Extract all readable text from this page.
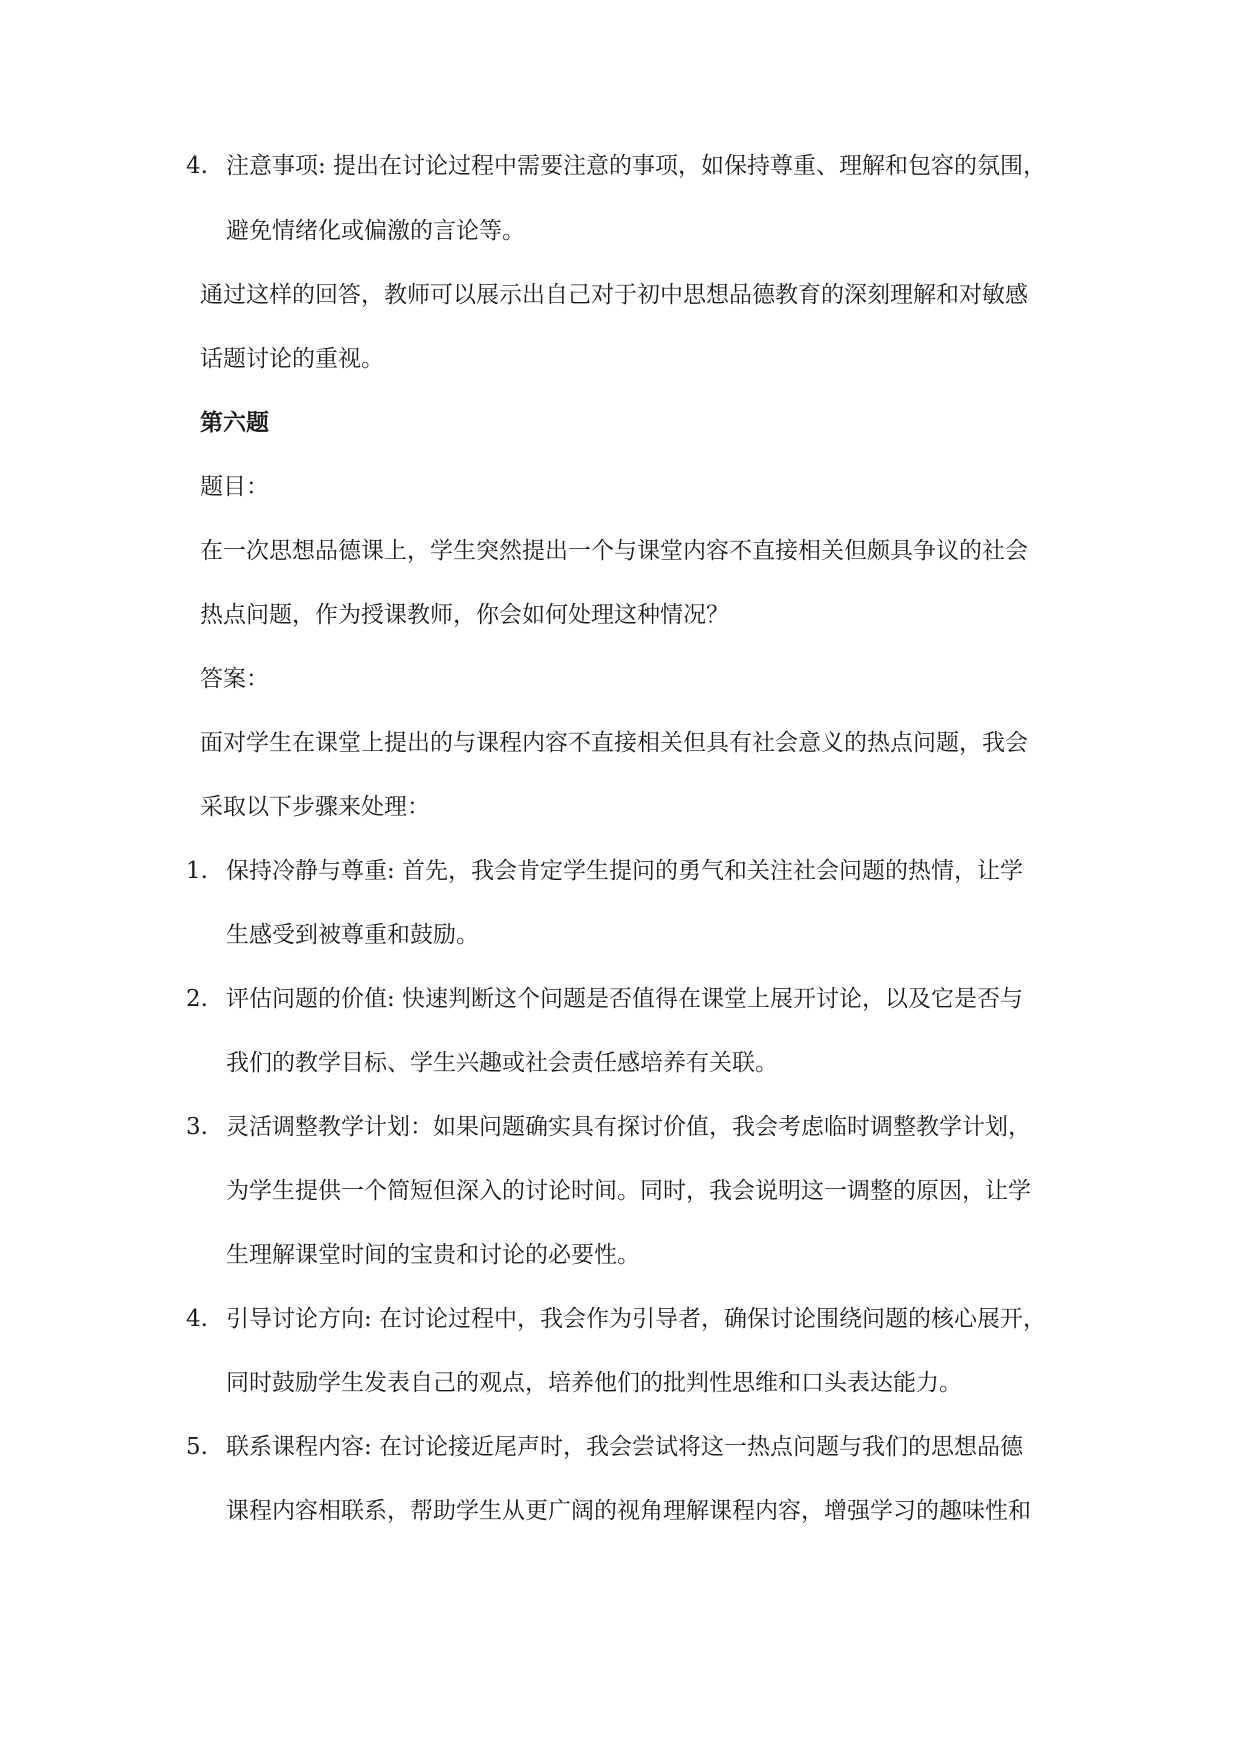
4. 注意事项: 提出在讨论过程中需要注意的事项，如保持尊重、理解和包容的氛围，
避免情绪化或偏激的言论等。
通过这样的回答，教师可以展示出自己对于初中思想品德教育的深刻理解和对敏感
话题讨论的重视。
第六题
题目：
在一次思想品德课上，学生突然提出一个与课堂内容不直接相关但颇具争议的社会
热点问题，作为授课教师，你会如何处理这种情况？
答案：
面对学生在课堂上提出的与课程内容不直接相关但具有社会意义的热点问题，我会
采取以下步骤来处理：
1. 保持冷静与尊重: 首先，我会肯定学生提问的勇气和关注社会问题的热情，让学
生感受到被尊重和鼓励。
2. 评估问题的价值: 快速判断这个问题是否值得在课堂上展开讨论，以及它是否与
我们的教学目标、学生兴趣或社会责任感培养有关联。
3. 灵活调整教学计划：如果问题确实具有探讨价值，我会考虑临时调整教学计划，
为学生提供一个简短但深入的讨论时间。同时，我会说明这一调整的原因，让学
生理解课堂时间的宝贵和讨论的必要性。
4. 引导讨论方向: 在讨论过程中，我会作为引导者，确保讨论围绕问题的核心展开，
同时鼓励学生发表自己的观点，培养他们的批判性思维和口头表达能力。
5. 联系课程内容: 在讨论接近尾声时，我会尝试将这一热点问题与我们的思想品德
课程内容相联系，帮助学生从更广阔的视角理解课程内容，增强学习的趣味性和
